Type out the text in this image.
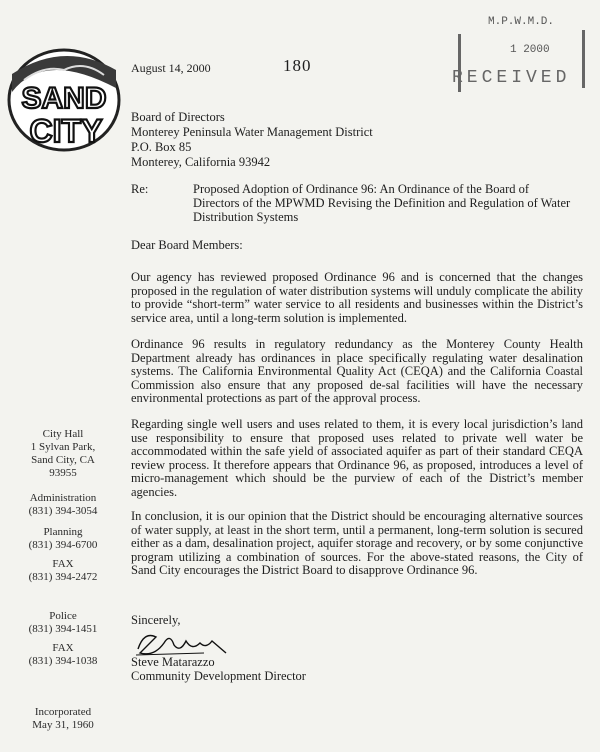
SAND
CITY
August 14, 2000	180
M.P.W.M.D.
1 2000
RECEIVED
Board of Directors
Monterey Peninsula Water Management District
P.O. Box 85
Monterey, California 93942
Re:	Proposed Adoption of Ordinance 96: An Ordinance of the Board of Directors of the MPWMD Revising the Definition and Regulation of Water Distribution Systems
Dear Board Members:
Our agency has reviewed proposed Ordinance 96 and is concerned that the changes proposed in the regulation of water distribution systems will unduly complicate the ability to provide “short-term” water service to all residents and businesses within the District’s service area, until a long-term solution is implemented.
Ordinance 96 results in regulatory redundancy as the Monterey County Health Department already has ordinances in place specifically regulating water desalination systems. The California Environmental Quality Act (CEQA) and the California Coastal Commission also ensure that any proposed de-sal facilities will have the necessary environmental protections as part of the approval process.
Regarding single well users and uses related to them, it is every local jurisdiction’s land use responsibility to ensure that proposed uses related to private well water be accommodated within the safe yield of associated aquifer as part of their standard CEQA review process. It therefore appears that Ordinance 96, as proposed, introduces a level of micro-management which should be the purview of each of the District’s member agencies.
In conclusion, it is our opinion that the District should be encouraging alternative sources of water supply, at least in the short term, until a permanent, long-term solution is secured either as a dam, desalination project, aquifer storage and recovery, or by some conjunctive program utilizing a combination of sources. For the above-stated reasons, the City of Sand City encourages the District Board to disapprove Ordinance 96.
Sincerely,
Steve Matarazzo
Community Development Director
City Hall
1 Sylvan Park,
Sand City, CA
93955
Administration
(831) 394-3054
Planning
(831) 394-6700
FAX
(831) 394-2472
Police
(831) 394-1451
FAX
(831) 394-1038
Incorporated
May 31, 1960
